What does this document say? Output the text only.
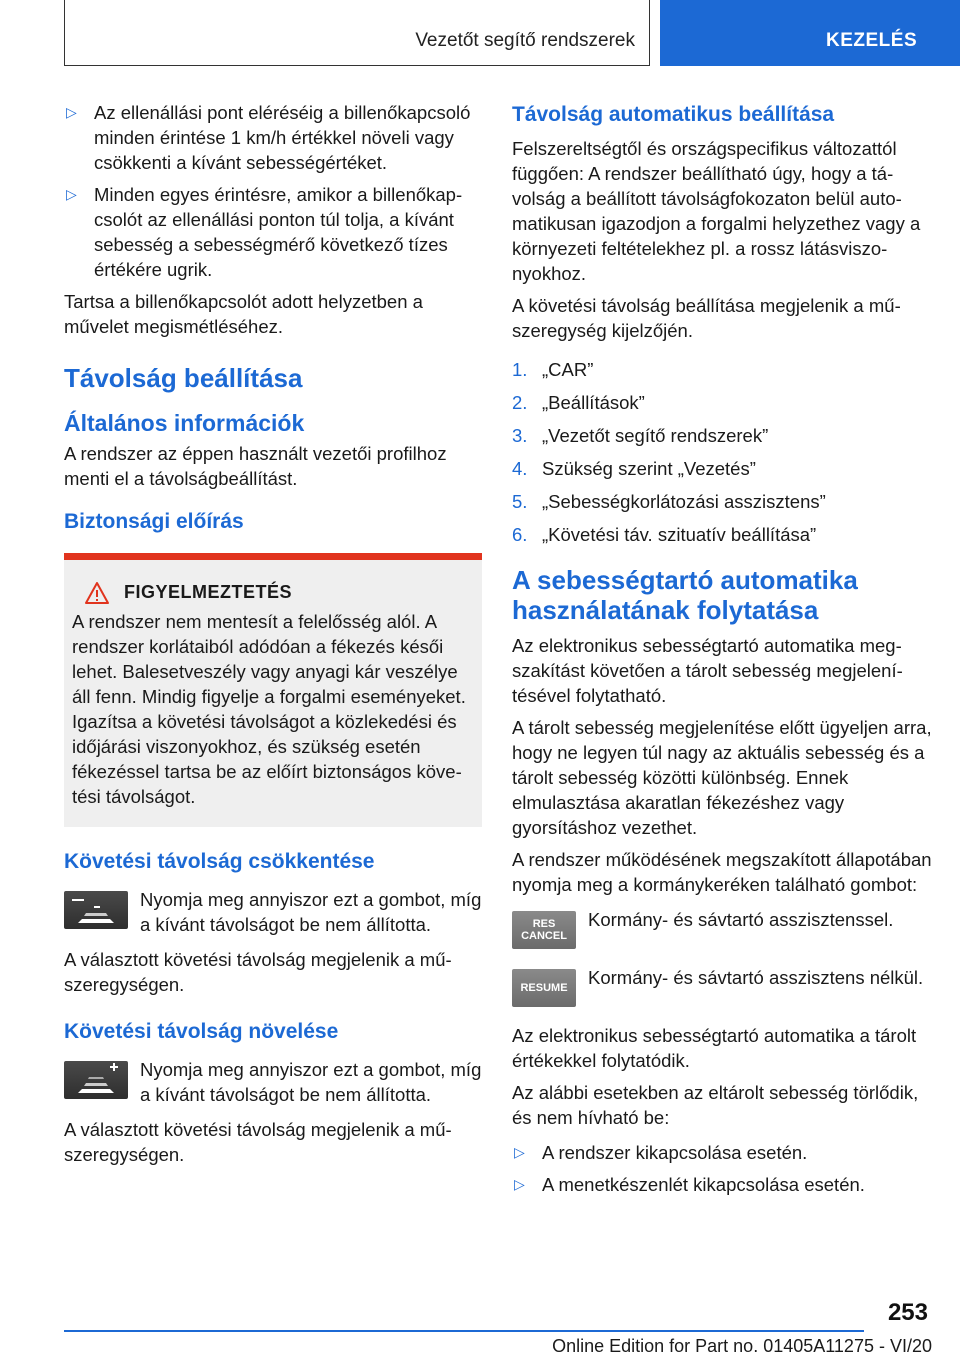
Vezetőt segítő rendszerek	KEZELÉS
▷ Az ellenállási pont eléréséig a billenőkapcsoló minden érintése 1 km/h értékkel növeli vagy csökkenti a kívánt sebességértéket.
▷ Minden egyes érintésre, amikor a billenőkapcsolót az ellenállási ponton túl tolja, a kívánt sebesség a sebességmérő következő tízes értékére ugrik.

Tartsa a billenőkapcsolót adott helyzetben a művelet megismétléséhez.

Távolság beállítása
Általános információk

A rendszer az éppen használt vezetői profilhoz menti el a távolságbeállítást.

Biztonsági előírás
FIGYELMEZTETÉS

A rendszer nem mentesít a felelősség alól. A rendszer korlátaiból adódóan a fékezés késői lehet. Balesetveszély vagy anyagi kár veszélye áll fenn. Mindig figyelje a forgalmi eseményeket. Igazítsa a követési távolságot a közlekedési és időjárási viszonyokhoz, és szükség esetén fékezéssel tartsa be az előírt biztonságos követési távolságot.

Követési távolság csökkentése
Nyomja meg annyiszor ezt a gombot, míg a kívánt távolságot be nem állította.

A választott követési távolság megjelenik a műszeregységen.

Követési távolság növelése
Nyomja meg annyiszor ezt a gombot, míg a kívánt távolságot be nem állította.

A választott követési távolság megjelenik a műszeregységen.

Távolság automatikus beállítása

Felszereltségtől és országspecifikus változattól függően: A rendszer beállítható úgy, hogy a távolság a beállított távolságfokozaton belül automatikusan igazodjon a forgalmi helyzethez vagy a környezeti feltételekhez pl. a rossz látásviszonyokhoz.

A követési távolság beállítása megjelenik a műszeregység kijelzőjén.

1. „CAR”
2. „Beállítások”
3. „Vezetőt segítő rendszerek”
4. Szükség szerint „Vezetés”
5. „Sebességkorlátozási asszisztens”
6. „Követési táv. szituatív beállítása”
A sebességtartó automatika használatának folytatása

Az elektronikus sebességtartó automatika megszakítást követően a tárolt sebesség megjelenítésével folytatható.

A tárolt sebesség megjelenítése előtt ügyeljen arra, hogy ne legyen túl nagy az aktuális sebesség és a tárolt sebesség közötti különbség. Ennek elmulasztása akaratlan fékezéshez vagy gyorsításhoz vezethet.

A rendszer működésének megszakított állapotában nyomja meg a kormánykeréken található gombot:

RES
CANCEL
Kormány- és sávtartó asszisztenssel.
RESUME	Kormány- és sávtartó asszisztens nélkül.

Az elektronikus sebességtartó automatika a tárolt értékekkel folytatódik.

Az alábbi esetekben az eltárolt sebesség törlődik, és nem hívható be:

▷ A rendszer kikapcsolása esetén.
▷ A menetkészenlét kikapcsolása esetén.
253
Online Edition for Part no. 01405A11275 - VI/20
